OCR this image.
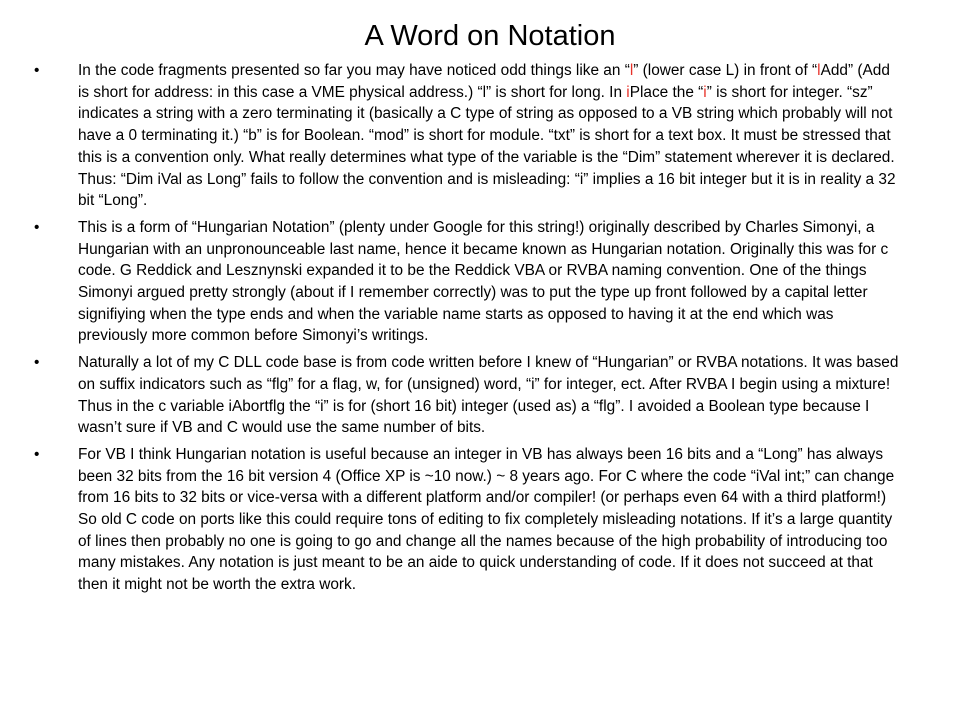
A Word on Notation
•	In the code fragments presented so far you may have noticed odd things like an “l” (lower case L) in front of “lAdd” (Add is short for address: in this case a VME physical address.) “l” is short for long. In iPlace the “i” is short for integer. “sz” indicates a string with a zero terminating it (basically a C type of string as opposed to a VB string which probably will not have a 0 terminating it.) “b” is for Boolean. “mod” is short for module. “txt” is short for a text box. It must be stressed that this is a convention only. What really determines what type of the variable is the “Dim” statement wherever it is declared. Thus: “Dim iVal as Long” fails to follow the convention and is misleading: “i” implies a 16 bit integer but it is in reality a 32 bit “Long”.
•	This is a form of “Hungarian Notation” (plenty under Google for this string!) originally described by Charles Simonyi, a Hungarian with an unpronounceable last name, hence it became known as Hungarian notation. Originally this was for c code. G Reddick and Lesznynski expanded it to be the Reddick VBA or RVBA naming convention. One of the things Simonyi argued pretty strongly (about if I remember correctly) was to put the type up front followed by a capital letter signifiying when the type ends and when the variable name starts as opposed to having it at the end which was previously more common before Simonyi’s writings.
•	Naturally a lot of my C DLL code base is from code written before I knew of “Hungarian” or RVBA notations. It was based on suffix indicators such as “flg” for a flag, w, for (unsigned) word, “i” for integer, ect. After RVBA I begin using a mixture! Thus in the c variable iAbortflg the “i” is for (short 16 bit) integer (used as) a “flg”. I avoided a Boolean type because I wasn’t sure if VB and C would use the same number of bits.
•	For VB I think Hungarian notation is useful because an integer in VB has always been 16 bits and a “Long” has always been 32 bits from the 16 bit version 4 (Office XP is ~10 now.) ~ 8 years ago. For C where the code “iVal int;” can change from 16 bits to 32 bits or vice-versa with a different platform and/or compiler! (or perhaps even 64 with a third platform!) So old C code on ports like this could require tons of editing to fix completely misleading notations. If it’s a large quantity of lines then probably no one is going to go and change all the names because of the high probability of introducing too many mistakes. Any notation is just meant to be an aide to quick understanding of code. If it does not succeed at that then it might not be worth the extra work.
